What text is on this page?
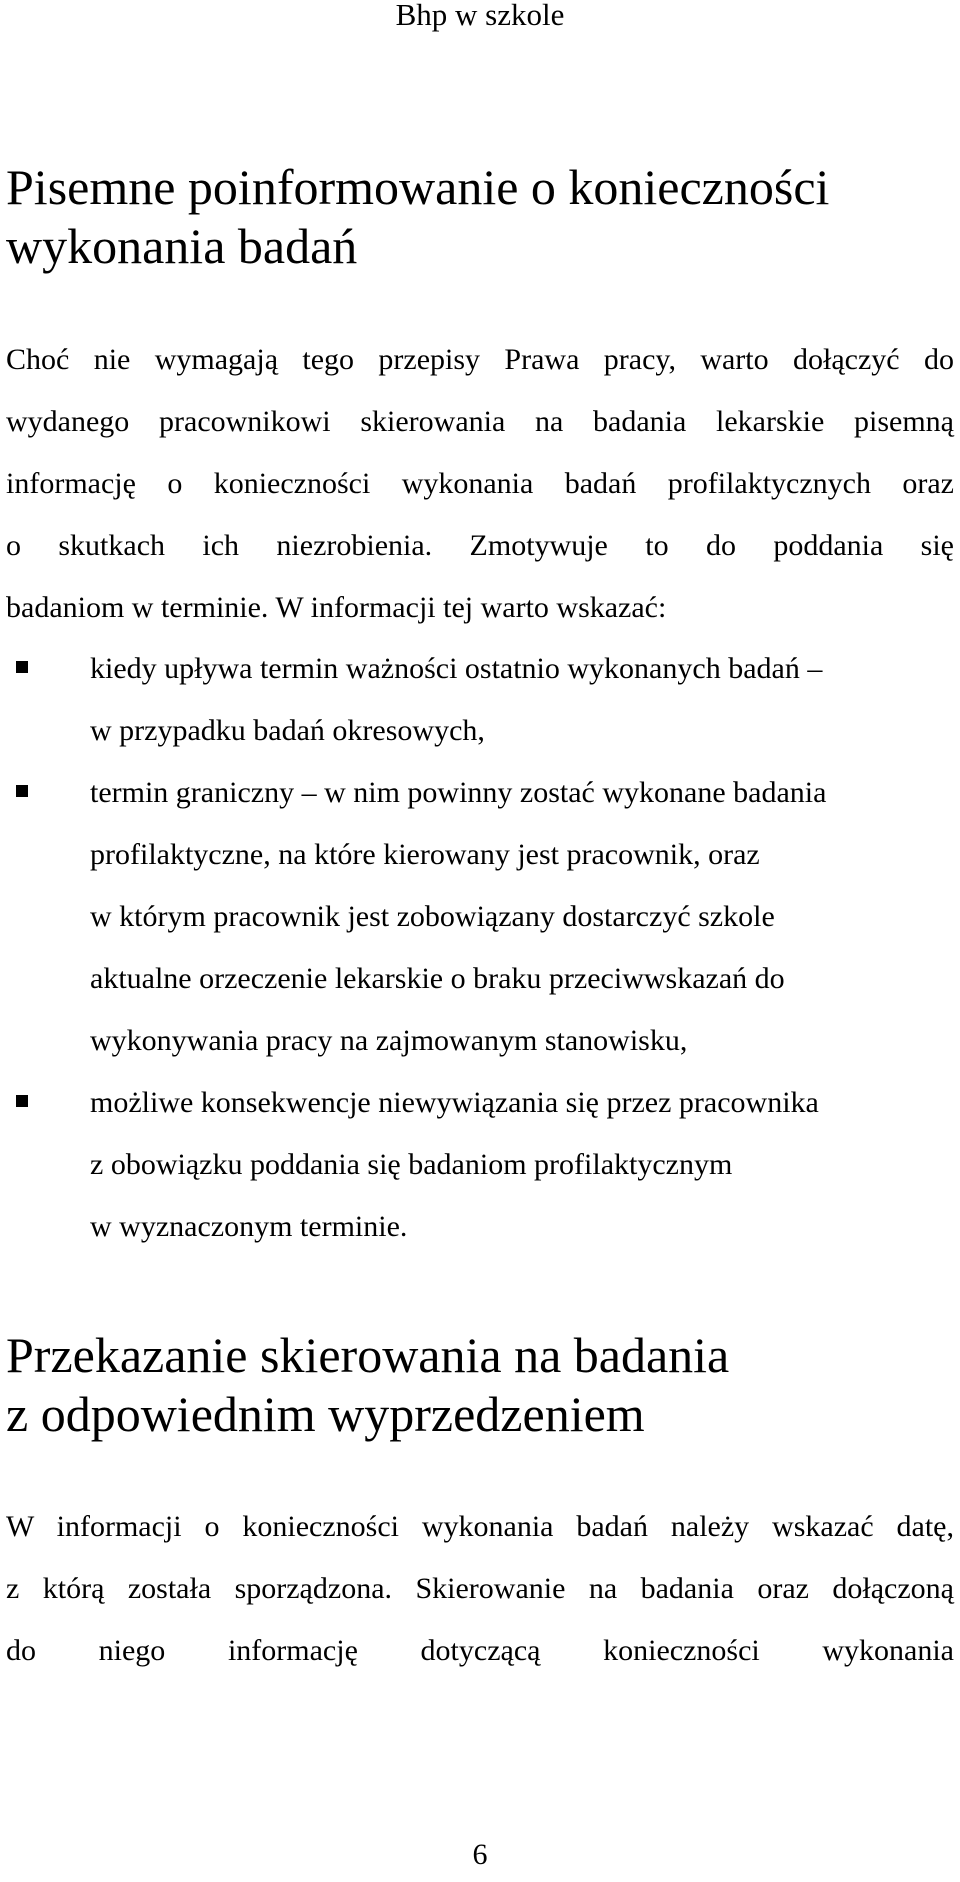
Bhp w szkole
Pisemne poinformowanie o konieczności
wykonania badań

Choć nie wymagają tego przepisy Prawa pracy, warto dołączyć do
wydanego pracownikowi skierowania na badania lekarskie pisemną
informację o konieczności wykonania badań profilaktycznych oraz
o skutkach ich niezrobienia. Zmotywuje to do poddania się
badaniom w terminie. W informacji tej warto wskazać:

kiedy upływa termin ważności ostatnio wykonanych badań –
w przypadku badań okresowych,
termin graniczny – w nim powinny zostać wykonane badania
profilaktyczne, na które kierowany jest pracownik, oraz
w którym pracownik jest zobowiązany dostarczyć szkole
aktualne orzeczenie lekarskie o braku przeciwwskazań do
wykonywania pracy na zajmowanym stanowisku,
możliwe konsekwencje niewywiązania się przez pracownika
z obowiązku poddania się badaniom profilaktycznym
w wyznaczonym terminie.
Przekazanie skierowania na badania
z odpowiednim wyprzedzeniem

W informacji o konieczności wykonania badań należy wskazać datę,
z którą została sporządzona. Skierowanie na badania oraz dołączoną
do niego informację dotyczącą konieczności wykonania

6
